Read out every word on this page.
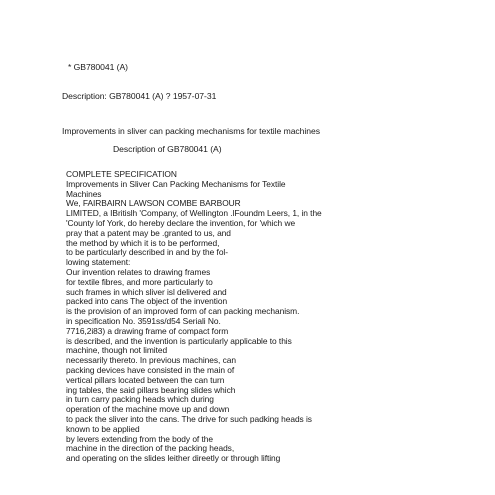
* GB780041 (A)
Description: GB780041 (A) ? 1957-07-31
Improvements in sliver can packing mechanisms for textile machines
Description of GB780041 (A)
COMPLETE SPECIFICATION
Improvements in Sliver Can Packing Mechanisms for Textile
Machines
We, FAIRBAIRN LAWSON COMBE BARBOUR
LIMITED, a IBritislh 'Company, of Wellington .lFoundm Leers, 1, in the
'County lof York, do hereby declare the invention, for 'which we
pray that a patent may be .granted to us, and
the method by which it is to be performed,
to be particularly described in and by the fol-
lowing statement:
Our invention relates to drawing frames
for textile fibres, and more particularly to
such frames in which sliver isl delivered and
packed into cans The object of the invention
is the provision of an improved form of can packing mechanism.
in specification No. 3591ss/d54 Seriali No.
7716,2i83) a drawing frame of compact form
is described, and the invention is particularly applicable to this
machine, though not limited
necessarily thereto. In previous machines, can
packing devices have consisted in the main of
vertical pillars located between the can turn
ing tables, the said pillars bearing slides which
in turn carry packing heads which during
operation of the machine move up and down
to pack the sliver into the cans. The drive for such padking heads is
known to be applied
by levers extending from the body of the
machine in the direction of the packing heads,
and operating on the slides leither direetly or through lifting
